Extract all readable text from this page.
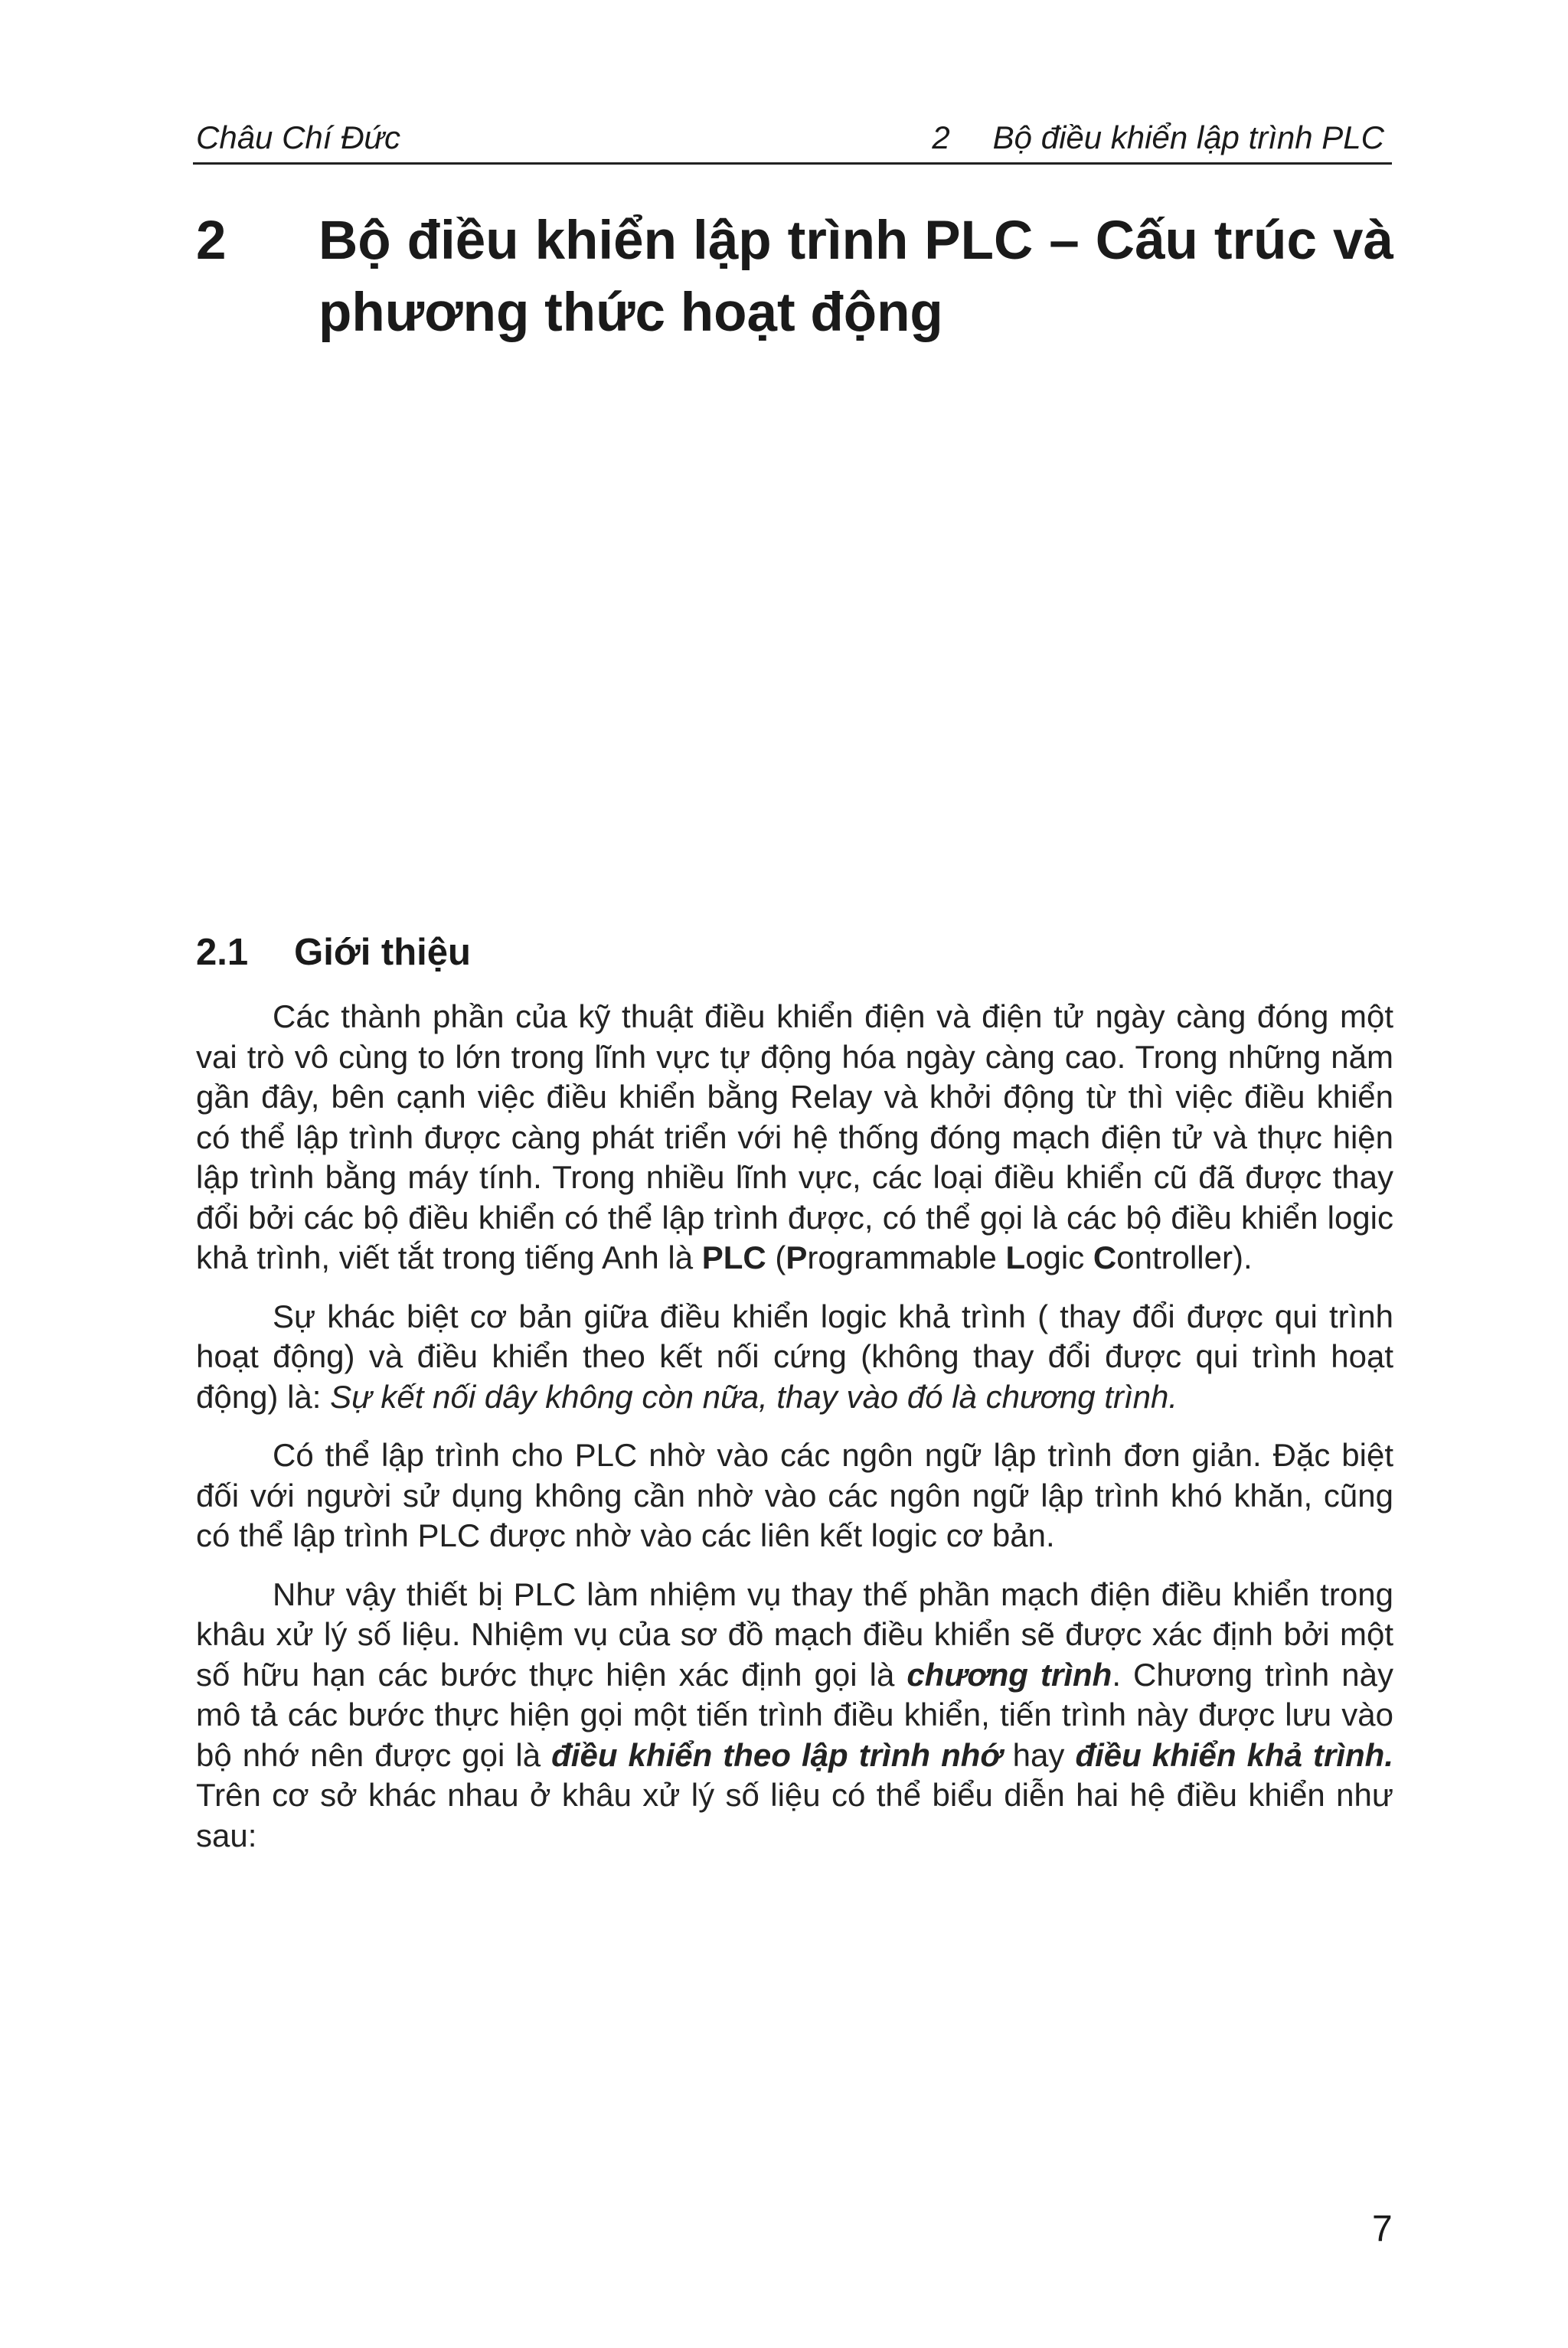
Châu Chí Đức	2 Bộ điều khiển lập trình PLC
2 Bộ điều khiển lập trình PLC – Cấu trúc và phương thức hoạt động
2.1 Giới thiệu

Các thành phần của kỹ thuật điều khiển điện và điện tử ngày càng đóng một vai trò vô cùng to lớn trong lĩnh vực tự động hóa ngày càng cao. Trong những năm gần đây, bên cạnh việc điều khiển bằng Relay và khởi động từ thì việc điều khiển có thể lập trình được càng phát triển với hệ thống đóng mạch điện tử và thực hiện lập trình bằng máy tính. Trong nhiều lĩnh vực, các loại điều khiển cũ đã được thay đổi bởi các bộ điều khiển có thể lập trình được, có thể gọi là các bộ điều khiển logic khả trình, viết tắt trong tiếng Anh là PLC (Programmable Logic Controller).

Sự khác biệt cơ bản giữa điều khiển logic khả trình ( thay đổi được qui trình hoạt động) và điều khiển theo kết nối cứng (không thay đổi được qui trình hoạt động) là: Sự kết nối dây không còn nữa, thay vào đó là chương trình.

Có thể lập trình cho PLC nhờ vào các ngôn ngữ lập trình đơn giản. Đặc biệt đối với người sử dụng không cần nhờ vào các ngôn ngữ lập trình khó khăn, cũng có thể lập trình PLC được nhờ vào các liên kết logic cơ bản.

Như vậy thiết bị PLC làm nhiệm vụ thay thế phần mạch điện điều khiển trong khâu xử lý số liệu. Nhiệm vụ của sơ đồ mạch điều khiển sẽ được xác định bởi một số hữu hạn các bước thực hiện xác định gọi là chương trình. Chương trình này mô tả các bước thực hiện gọi một tiến trình điều khiển, tiến trình này được lưu vào bộ nhớ nên được gọi là điều khiển theo lập trình nhớ hay điều khiển khả trình. Trên cơ sở khác nhau ở khâu xử lý số liệu có thể biểu diễn hai hệ điều khiển như sau:

7
